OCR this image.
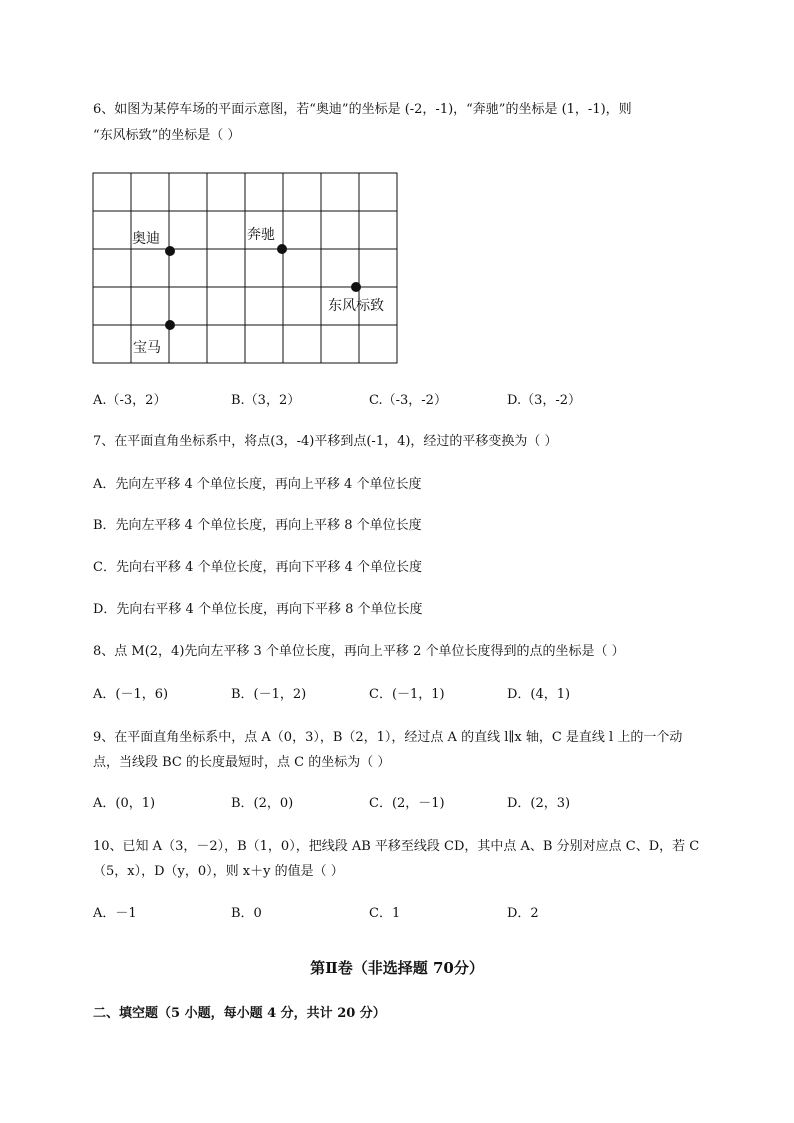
6、如图为某停车场的平面示意图，若“奥迪”的坐标是 (-2，-1)，“奔驰”的坐标是 (1，-1)，则
“东风标致”的坐标是（ ）
奥迪	奔驰
东风标致
宝马
A.（-3，2）	B.（3，2）	C.（-3，-2）	D.（3，-2）
7、在平面直角坐标系中，将点(3，-4)平移到点(-1，4)，经过的平移变换为（ ）
A．先向左平移 4 个单位长度，再向上平移 4 个单位长度
B．先向左平移 4 个单位长度，再向上平移 8 个单位长度
C．先向右平移 4 个单位长度，再向下平移 4 个单位长度
D．先向右平移 4 个单位长度，再向下平移 8 个单位长度
8、点 M(2，4)先向左平移 3 个单位长度，再向上平移 2 个单位长度得到的点的坐标是（ ）
A．(－1，6)	B．(－1，2)	C．(－1，1)	D．(4，1)
9、在平面直角坐标系中，点 A（0，3），B（2，1），经过点 A 的直线 l∥x 轴，C 是直线 l 上的一个动
点，当线段 BC 的长度最短时，点 C 的坐标为（ ）
A．(0，1)	B．(2，0)	C．(2，－1)	D．(2，3)
10、已知 A（3，－2），B（1，0），把线段 AB 平移至线段 CD，其中点 A、B 分别对应点 C、D，若 C
（5，x），D（y，0），则 x＋y 的值是（ ）
A．－1	B．0	C．1	D．2
第Ⅱ卷（非选择题 70分）
二、填空题（5 小题，每小题 4 分，共计 20 分）
